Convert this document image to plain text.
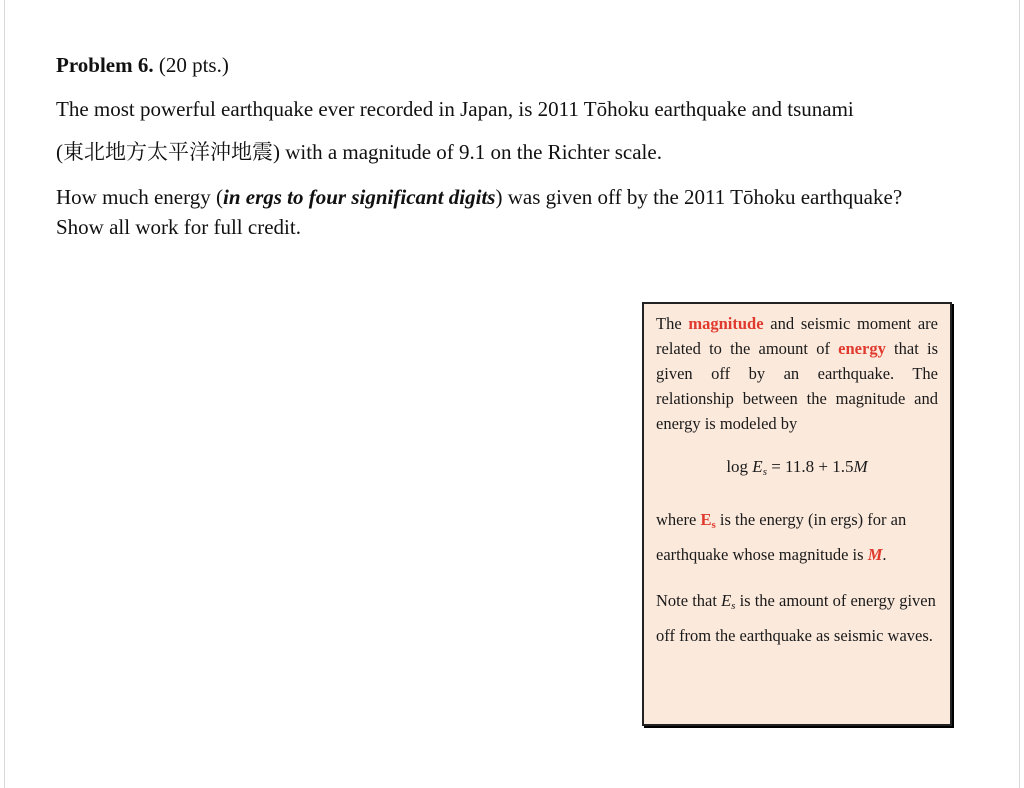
Problem 6. (20 pts.)

The most powerful earthquake ever recorded in Japan, is 2011 Tōhoku earthquake and tsunami

(東北地方太平洋沖地震) with a magnitude of 9.1 on the Richter scale.

How much energy (in ergs to four significant digits) was given off by the 2011 Tōhoku earthquake?
Show all work for full credit.

The magnitude and seismic moment are related to the amount of energy that is given off by an earthquake. The relationship between the magnitude and energy is modeled by

$\log E_s = 11.8 + 1.5M$

where $E_s$ is the energy (in ergs) for an earthquake whose magnitude is M.

Note that $E_s$ is the amount of energy given off from the earthquake as seismic waves.
